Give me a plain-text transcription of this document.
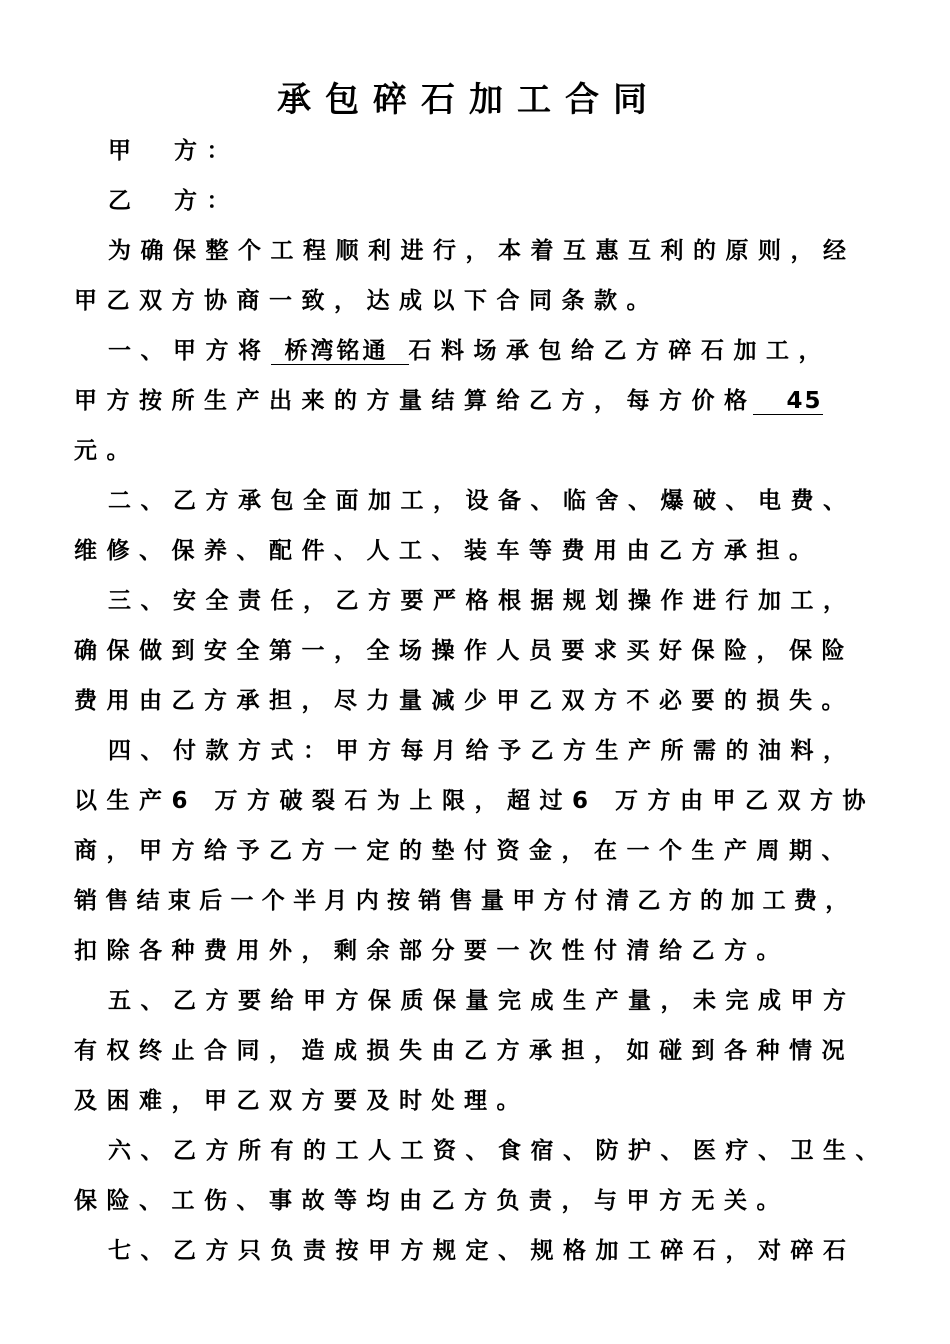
承包碎石加工合同
甲 方：
乙 方：
为确保整个工程顺利进行，本着互惠互利的原则，经
甲乙双方协商一致，达成以下合同条款。
一、甲方将 桥湾铭通 石料场承包给乙方碎石加工，
甲方按所生产出来的方量结算给乙方，每方价格 45
元。
二、乙方承包全面加工，设备、临舍、爆破、电费、
维修、保养、配件、人工、装车等费用由乙方承担。
三、安全责任，乙方要严格根据规划操作进行加工，
确保做到安全第一，全场操作人员要求买好保险，保险
费用由乙方承担，尽力量减少甲乙双方不必要的损失。
四、付款方式：甲方每月给予乙方生产所需的油料，
以生产6 万方破裂石为上限，超过6 万方由甲乙双方协
商，甲方给予乙方一定的垫付资金，在一个生产周期、
销售结束后一个半月内按销售量甲方付清乙方的加工费，
扣除各种费用外，剩余部分要一次性付清给乙方。
五、乙方要给甲方保质保量完成生产量，未完成甲方
有权终止合同，造成损失由乙方承担，如碰到各种情况
及困难，甲乙双方要及时处理。
六、乙方所有的工人工资、食宿、防护、医疗、卫生、
保险、工伤、事故等均由乙方负责，与甲方无关。
七、乙方只负责按甲方规定、规格加工碎石，对碎石
